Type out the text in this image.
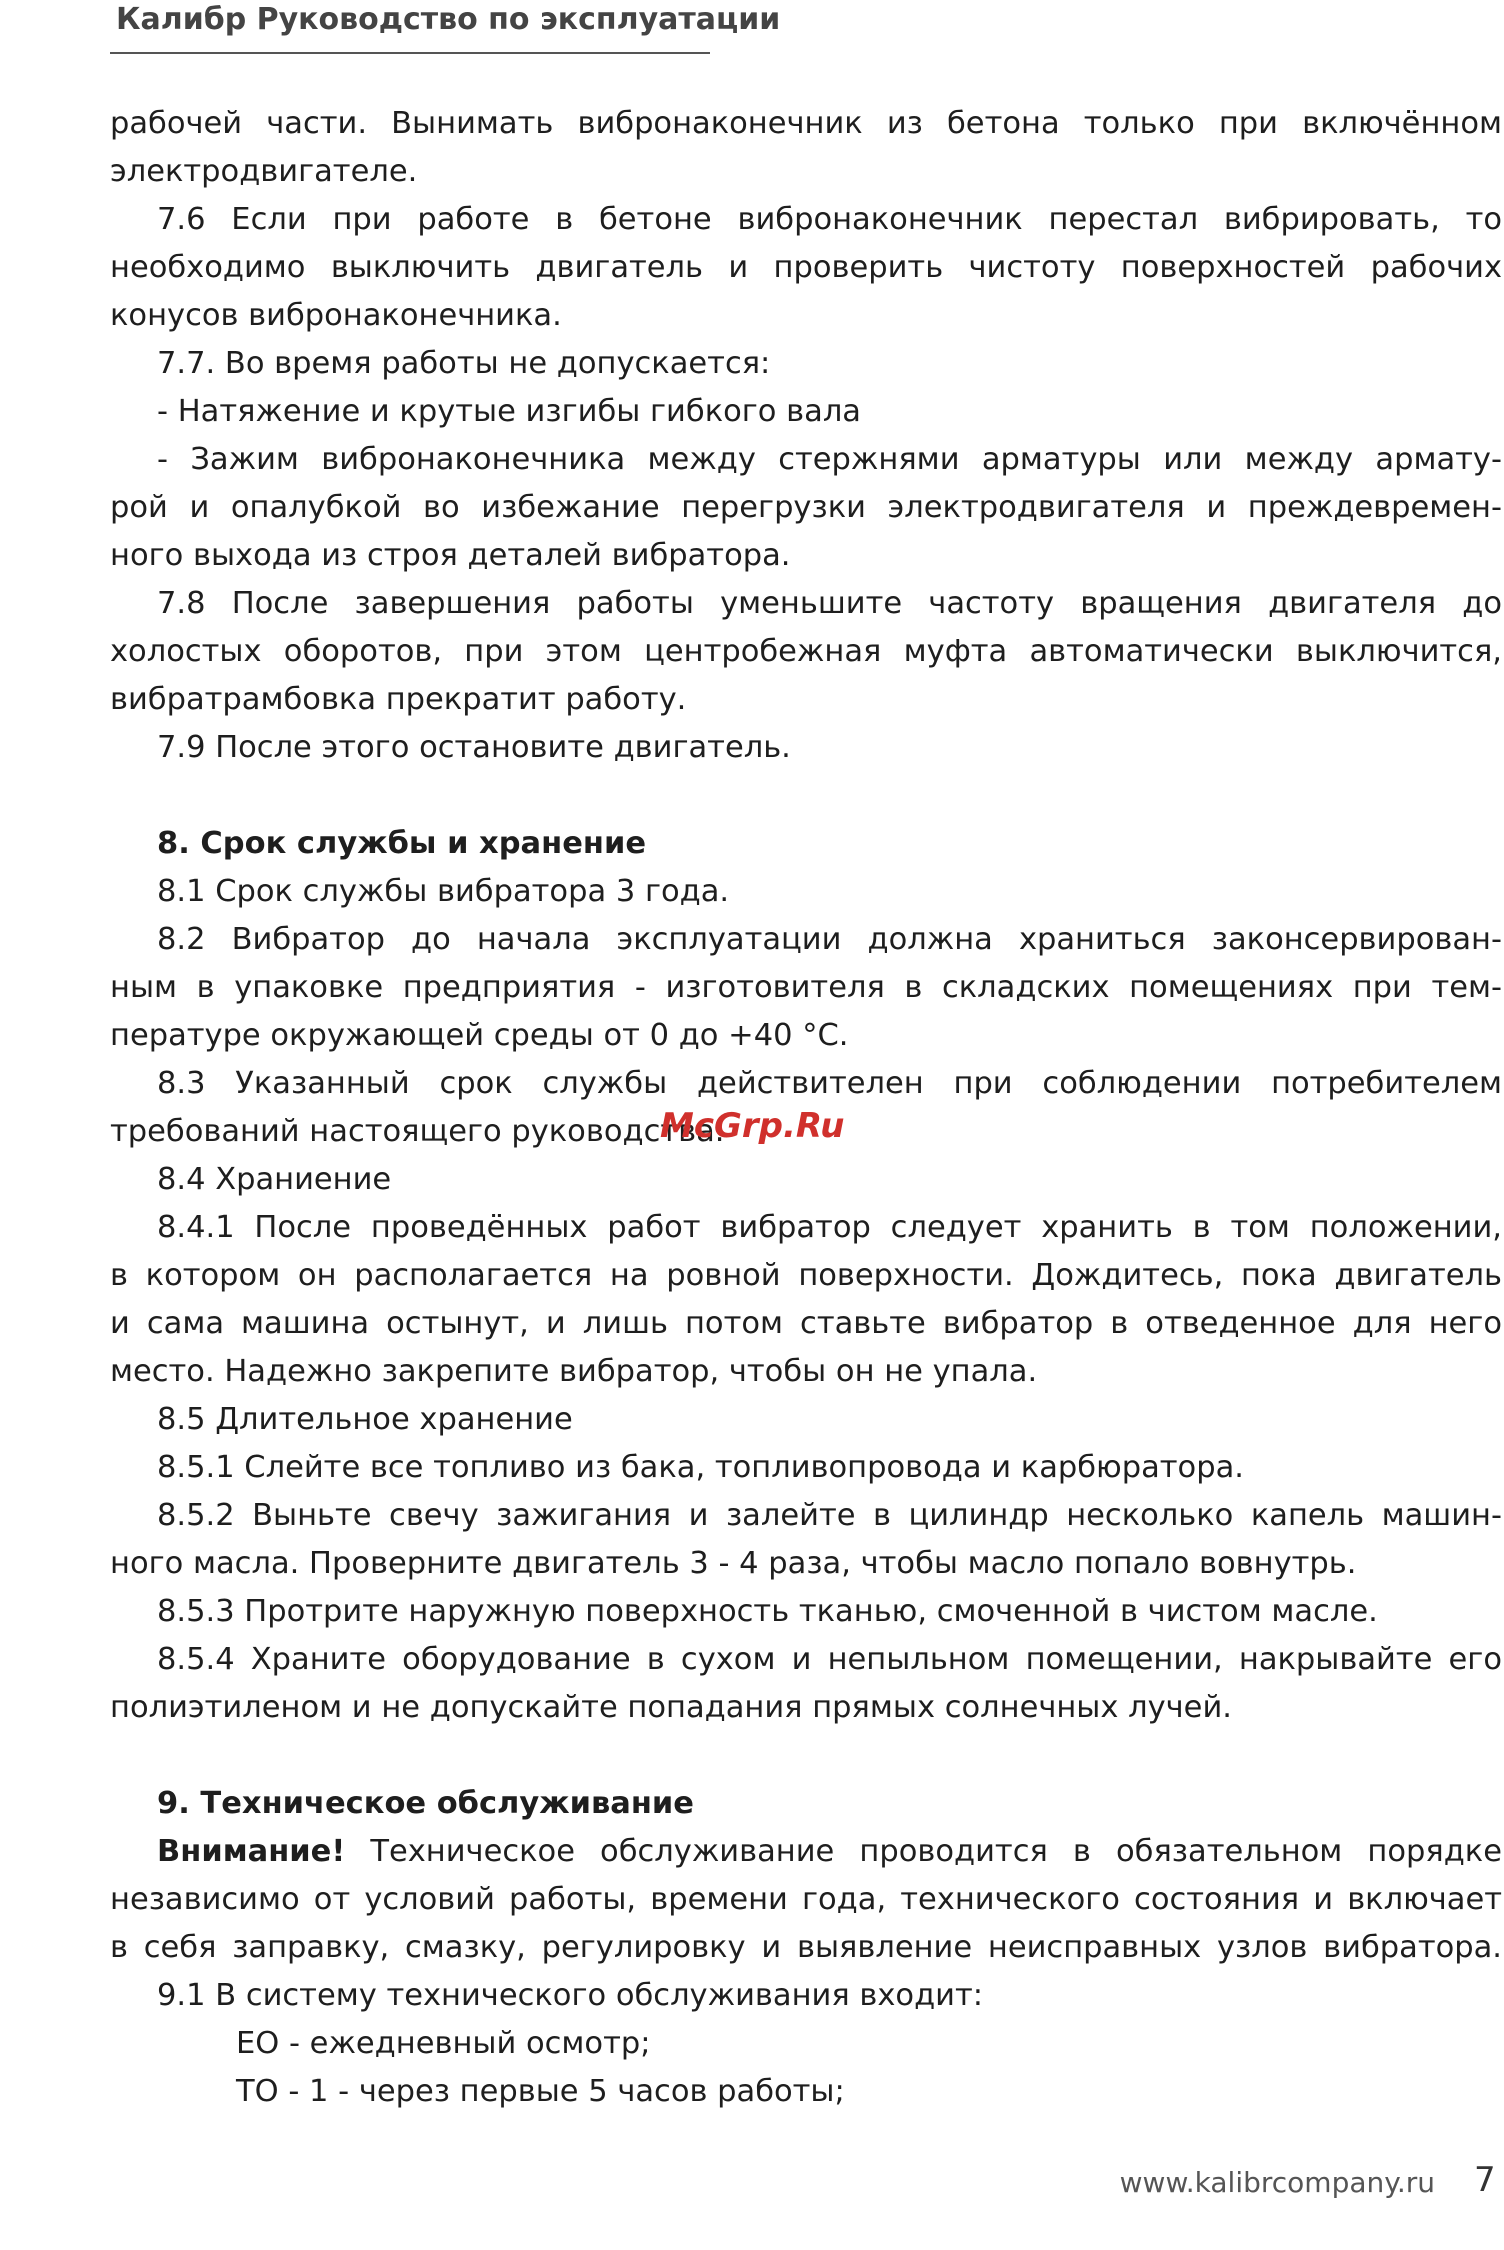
Калибр Руководство по эксплуатации
рабочей части. Вынимать вибронаконечник из бетона только при включённом
электродвигателе.
7.6 Если при работе в бетоне вибронаконечник перестал вибрировать, то
необходимо выключить двигатель и проверить чистоту поверхностей рабочих
конусов вибронаконечника.
7.7. Во время работы не допускается:
- Натяжение и крутые изгибы гибкого вала
- Зажим вибронаконечника между стержнями арматуры или между армату-
рой и опалубкой во избежание перегрузки электродвигателя и преждевремен-
ного выхода из строя деталей вибратора.
7.8 После завершения работы уменьшите частоту вращения двигателя до
холостых оборотов, при этом центробежная муфта автоматически выключится,
вибратрамбовка прекратит работу.
7.9 После этого остановите двигатель.
8. Срок службы и хранение
8.1 Срок службы вибратора 3 года.
8.2 Вибратор до начала эксплуатации должна храниться законсервирован-
ным в упаковке предприятия - изготовителя в складских помещениях при тем-
пературе окружающей среды от 0 до +40 °С.
8.3 Указанный срок службы действителен при соблюдении потребителем
требований настоящего руководства.
8.4 Храниение
8.4.1 После проведённых работ вибратор следует хранить в том положении,
в котором он располагается на ровной поверхности. Дождитесь, пока двигатель
и сама машина остынут, и лишь потом ставьте вибратор в отведенное для него
место. Надежно закрепите вибратор, чтобы он не упала.
8.5 Длительное хранение
8.5.1 Слейте все топливо из бака, топливопровода и карбюратора.
8.5.2 Выньте свечу зажигания и залейте в цилиндр несколько капель машин-
ного масла. Проверните двигатель 3 - 4 раза, чтобы масло попало вовнутрь.
8.5.3 Протрите наружную поверхность тканью, смоченной в чистом масле.
8.5.4 Храните оборудование в сухом и непыльном помещении, накрывайте его
полиэтиленом и не допускайте попадания прямых солнечных лучей.
9. Техническое обслуживание
Внимание! Техническое обслуживание проводится в обязательном порядке
независимо от условий работы, времени года, технического состояния и включает
в себя заправку, смазку, регулировку и выявление неисправных узлов вибратора.
9.1 В систему технического обслуживания входит:
ЕО - ежедневный осмотр;
ТО - 1 - через первые 5 часов работы;
McGrp.Ru
www.kalibrcompany.ru 7
